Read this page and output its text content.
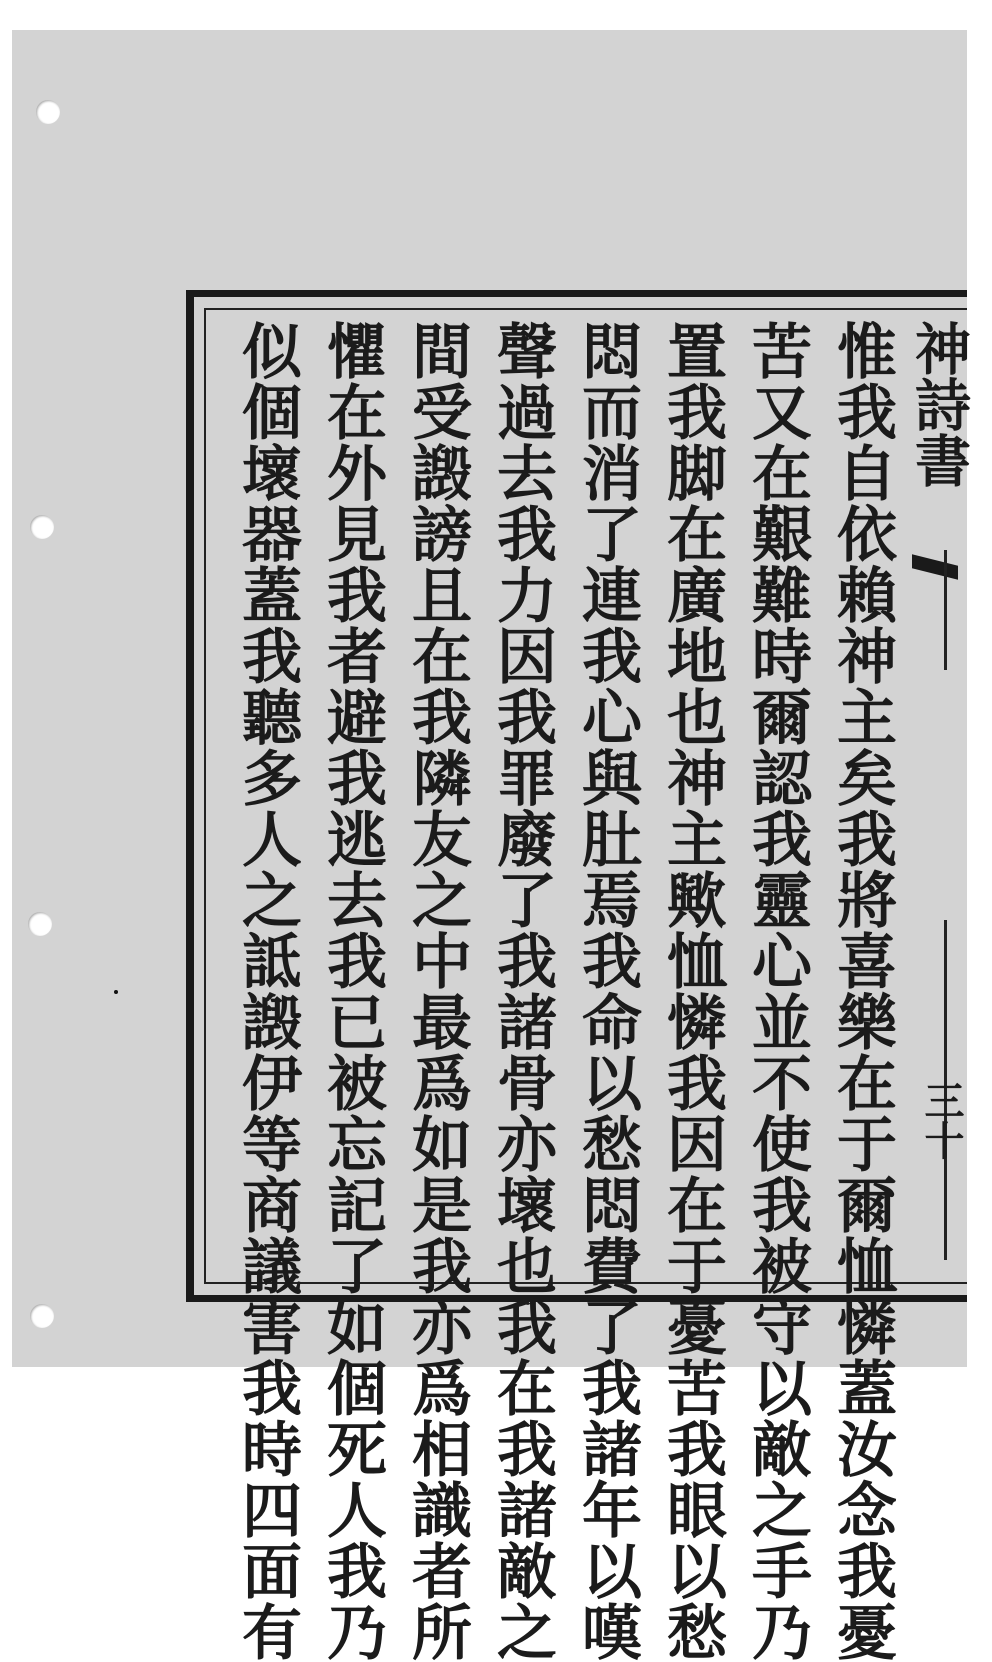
惟我自依賴神主矣我將喜樂在于爾恤憐蓋汝念我憂
苦又在艱難時爾認我靈心並不使我被守以敵之手乃
置我脚在廣地也神主歟恤憐我因在于憂苦我眼以愁
悶而消了連我心與肚焉我命以愁悶費了我諸年以嘆
聲過去我力因我罪廢了我諸骨亦壞也我在我諸敵之
間受譭謗且在我隣友之中最爲如是我亦爲相識者所
懼在外見我者避我逃去我已被忘記了如個死人我乃
似個壞器蓋我聽多人之詆譭伊等商議害我時四面有	神詩書
三十
